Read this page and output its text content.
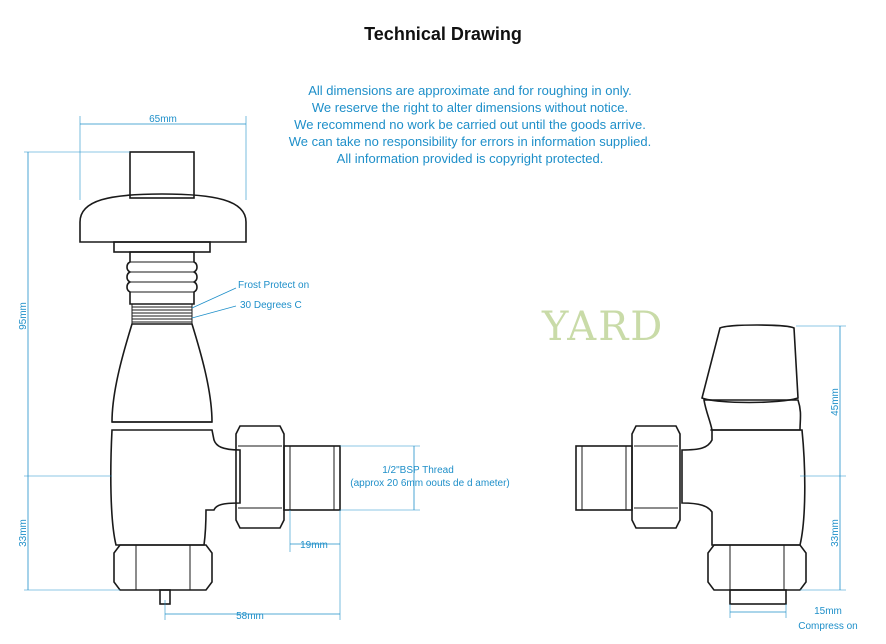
Technical Drawing
All dimensions are approximate and for roughing in only.
We reserve the right to alter dimensions without notice.
We recommend no work be carried out until the goods arrive.
We can take no responsibility for errors in information supplied.
All information provided is copyright protected.
YARD
65mm
95mm
33mm
58mm
19mm
1/2"BSP Thread
(approx 20 6mm oouts de d ameter)
Frost Protect on
30 Degrees C
45mm
33mm
15mm
Compress on
